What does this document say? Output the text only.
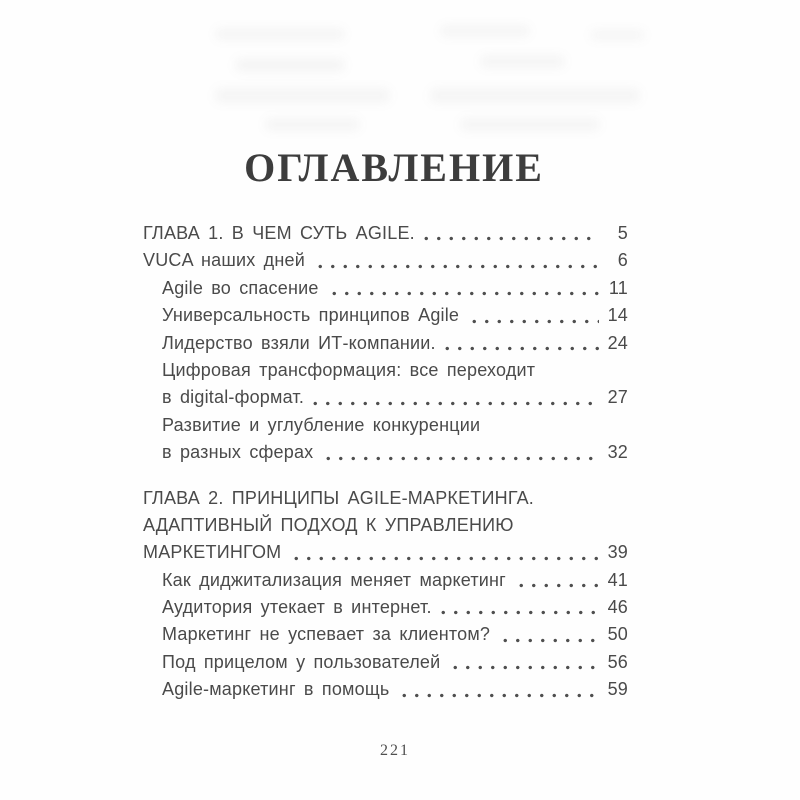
ОГЛАВЛЕНИЕ
ГЛАВА 1. В ЧЕМ СУТЬ AGILE.	5
VUCA наших дней	6
Agile во спасение	11
Универсальность принципов Agile	14
Лидерство взяли ИТ-компании.	24
Цифровая трансформация: все переходит
в digital-формат.	27
Развитие и углубление конкуренции
в разных сферах	32
ГЛАВА 2. ПРИНЦИПЫ AGILE-МАРКЕТИНГА.
АДАПТИВНЫЙ ПОДХОД К УПРАВЛЕНИЮ
МАРКЕТИНГОМ	39
Как диджитализация меняет маркетинг	41
Аудитория утекает в интернет.	46
Маркетинг не успевает за клиентом?	50
Под прицелом у пользователей	56
Agile-маркетинг в помощь	59
221
